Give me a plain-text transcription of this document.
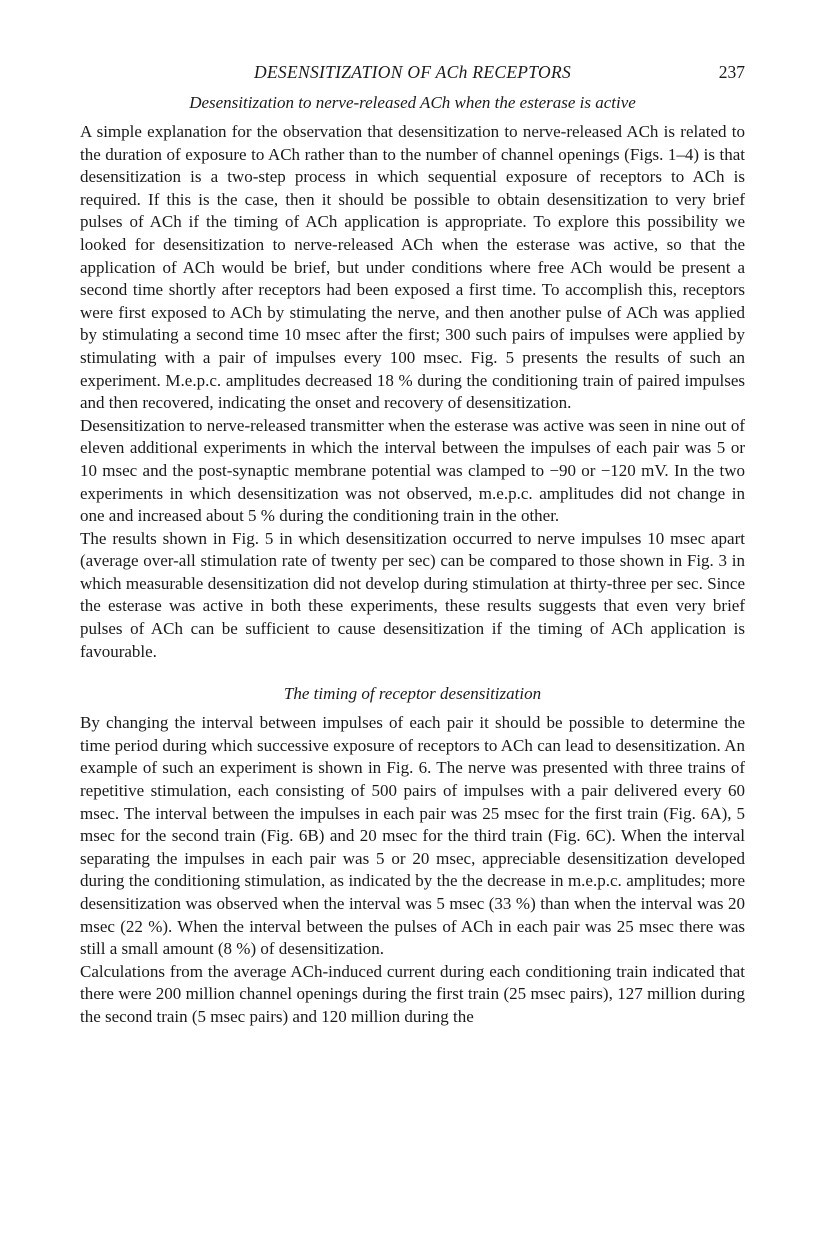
DESENSITIZATION OF ACh RECEPTORS	237
Desensitization to nerve-released ACh when the esterase is active

A simple explanation for the observation that desensitization to nerve-released ACh is related to the duration of exposure to ACh rather than to the number of channel openings (Figs. 1–4) is that desensitization is a two-step process in which sequential exposure of receptors to ACh is required. If this is the case, then it should be possible to obtain desensitization to very brief pulses of ACh if the timing of ACh application is appropriate. To explore this possibility we looked for desensitization to nerve-released ACh when the esterase was active, so that the application of ACh would be brief, but under conditions where free ACh would be present a second time shortly after receptors had been exposed a first time. To accomplish this, receptors were first exposed to ACh by stimulating the nerve, and then another pulse of ACh was applied by stimulating a second time 10 msec after the first; 300 such pairs of impulses were applied by stimulating with a pair of impulses every 100 msec. Fig. 5 presents the results of such an experiment. M.e.p.c. amplitudes decreased 18 % during the conditioning train of paired impulses and then recovered, indicating the onset and recovery of desensitization.

Desensitization to nerve-released transmitter when the esterase was active was seen in nine out of eleven additional experiments in which the interval between the impulses of each pair was 5 or 10 msec and the post-synaptic membrane potential was clamped to −90 or −120 mV. In the two experiments in which desensitization was not observed, m.e.p.c. amplitudes did not change in one and increased about 5 % during the conditioning train in the other.

The results shown in Fig. 5 in which desensitization occurred to nerve impulses 10 msec apart (average over-all stimulation rate of twenty per sec) can be compared to those shown in Fig. 3 in which measurable desensitization did not develop during stimulation at thirty-three per sec. Since the esterase was active in both these experiments, these results suggests that even very brief pulses of ACh can be sufficient to cause desensitization if the timing of ACh application is favourable.

The timing of receptor desensitization

By changing the interval between impulses of each pair it should be possible to determine the time period during which successive exposure of receptors to ACh can lead to desensitization. An example of such an experiment is shown in Fig. 6. The nerve was presented with three trains of repetitive stimulation, each consisting of 500 pairs of impulses with a pair delivered every 60 msec. The interval between the impulses in each pair was 25 msec for the first train (Fig. 6A), 5 msec for the second train (Fig. 6B) and 20 msec for the third train (Fig. 6C). When the interval separating the impulses in each pair was 5 or 20 msec, appreciable desensitization developed during the conditioning stimulation, as indicated by the the decrease in m.e.p.c. amplitudes; more desensitization was observed when the interval was 5 msec (33 %) than when the interval was 20 msec (22 %). When the interval between the pulses of ACh in each pair was 25 msec there was still a small amount (8 %) of desensitization.

Calculations from the average ACh-induced current during each conditioning train indicated that there were 200 million channel openings during the first train (25 msec pairs), 127 million during the second train (5 msec pairs) and 120 million during the
